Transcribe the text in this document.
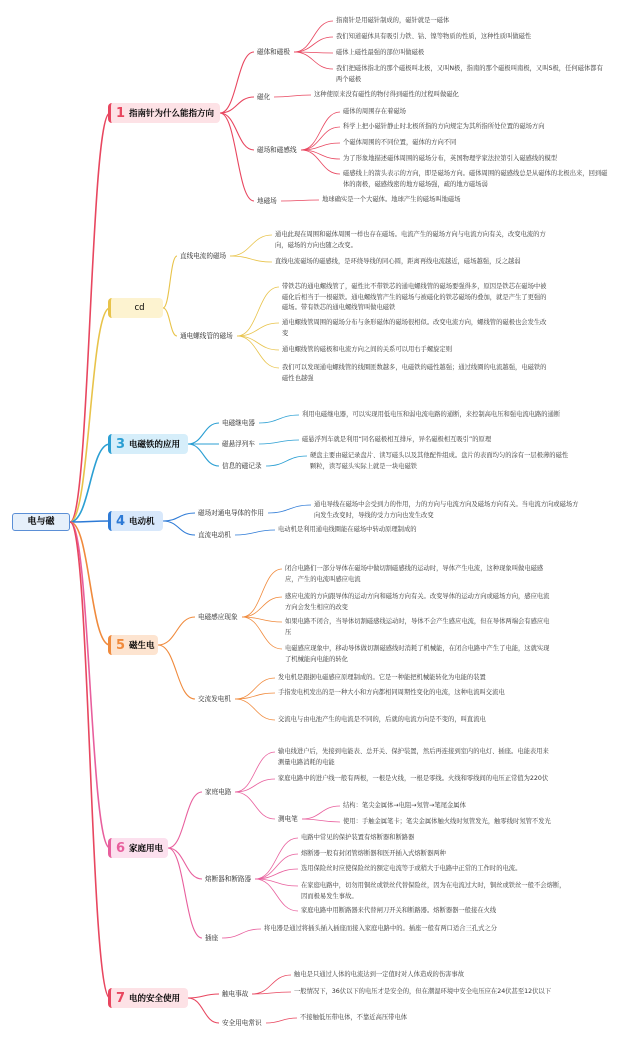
电与磁
1 指南针为什么能指方向
磁体和磁极
指南针是用磁针制成的，磁针就是一磁体
我们知道磁体具有吸引力铁、钴、镍等物质的性质，这种性质叫做磁性
磁体上磁性最强的部位叫做磁极
我们把磁体指北的那个磁极叫北极，又叫N极，指南的那个磁极叫南极，又叫S极，任何磁体都有两个磁极
磁化	这种使原来没有磁性的物付得到磁性的过程叫做磁化
磁场和磁感线
磁体的周围存在着磁场
科学上把小磁针静止时北极所指的方向规定为其所指所处位置的磁场方向
个磁体周围的不同位置，磁体的方向不同
为了形象地描述磁体周围的磁场分布，英国物理学家法拉第引入磁感线的模型
磁感线上的箭头表示的方向，即是磁场方向。磁体周围的磁感线总是从磁体的北极出来，回到磁体的南极，磁感线密的地方磁场强，疏的地方磁场弱
地磁场	地球确实是一个大磁体。地球产生的磁场叫地磁场
cd
直线电流的磁场
通电此现在周围和磁体周围一样也存在磁场。电流产生的磁场方向与电流方向有关，改变电流的方向，磁场的方向也随之改变。
直线电流磁场的磁感线，是环绕导线的同心圆，距离再线电流越近，磁场越强，反之越弱
通电螺线管的磁场
带铁芯的通电螺线管了，磁性比不带铁芯的通电螺线管的磁场要强得多，原因是铁芯在磁场中被磁化后相当于一根磁铁。通电螺线管产生的磁场与被磁化的铁芯磁场的叠加，就是产生了更强的磁场。带有铁芯的通电螺线管叫做电磁铁
通电螺线管周围的磁场分布与条形磁体的磁场很相似。改变电流方向，螺线管的磁极也会发生改变
通电螺线管的磁极和电流方向之间的关系可以用右手螺旋定则
我们可以发现通电螺线管的线圈匝数越多，电磁铁的磁性越强；通过线圈的电流越强，电磁铁的磁性也越强
3 电磁铁的应用
电磁继电器
利用电磁继电器，可以实现用低电压和弱电流电路的通断，来控制高电压和强电流电路的通断
磁悬浮列车
磁悬浮列车就是利用“同名磁极相互排斥，异名磁极相互吸引”的原理
信息的磁记录
硬盘主要由磁记录盘片、读写磁头以及其他配件组成。盘片的表面均匀的涂有一层极薄的磁性颗粒，读写磁头实际上就是一块电磁铁
4 电动机
磁场对通电导体的作用
通电导线在磁场中会受到力的作用，力的方向与电流方向及磁场方向有关。当电流方向或磁场方向发生改变时，导线的受力方向也发生改变
直流电动机
电动机是利用通电线圈能在磁场中转动原理制成的
5 磁生电
电磁感应现象
闭合电路们一部分导体在磁场中做切割磁感线的运动时，导体产生电流，这种现象叫做电磁感应，产生的电流叫感应电流
感应电流的方向跟导体的运动方向和磁场方向有关。改变导体的运动方向或磁场方向，感应电流方向会发生相应的改变
如果电路不闭合，当导体切割磁感线运动时，导体不会产生感应电流，但在导体两端会有感应电压
电磁感应现象中，移动导体做切割磁感线时消耗了机械能，在闭合电路中产生了电能，这就实现了机械能向电能的转化
交流发电机
发电机是跟据电磁感应原理制成的。它是一种能把机械能转化为电能的装置
手指发电机发出的是一种大小和方向都相同周期性变化的电流，这种电流叫交流电
交流电与由电池产生的电流是不同的，后就的电流方向是不变的，叫直流电
6 家庭用电
家庭电路
输电线进户后，先接到电能表、总开关、保护装置，然后再连接到室内的电灯、插座。电能表用来测量电路消耗的电能
家庭电路中的进户线一般有两根，一根是火线，一根是零线。火线和零线间的电压正常值为220伏
测电笔
结构：笔尖金属体→电阻→氖管→笔尾金属体
使用：手触金属笔卡；笔尖金属体触火线时氖管发光，触零线时氖管不发光
熔断器和断路器
电路中常见的保护装置有熔断器和断路器
熔断器一般有封闭管熔断器和医开插入式熔断器两种
选用保险丝时应使保险丝的额定电流等于或稍大于电路中正常的工作时的电流。
在家庭电路中，切勿用铜丝或铁丝代替保险丝，因为在电流过大时，铜丝或铁丝一般不会熔断，因而极易发生事故。
家庭电路中用断路器来代替闸刀开关和断路器。熔断器器一般接在火线
插座
将电器是通过将插头插入插座而接入家庭电路中的。插座一般有两口适合三孔式之分
7 电的安全使用	触电事故
触电是只通过人体的电流达到一定值时对人体造成的伤害事故
一般情况下，36伏以下的电压才是安全的，但在潮湿环境中安全电压应在24伏甚至12伏以下
安全用电常识
不接触低压带电体，不靠近高压带电体
